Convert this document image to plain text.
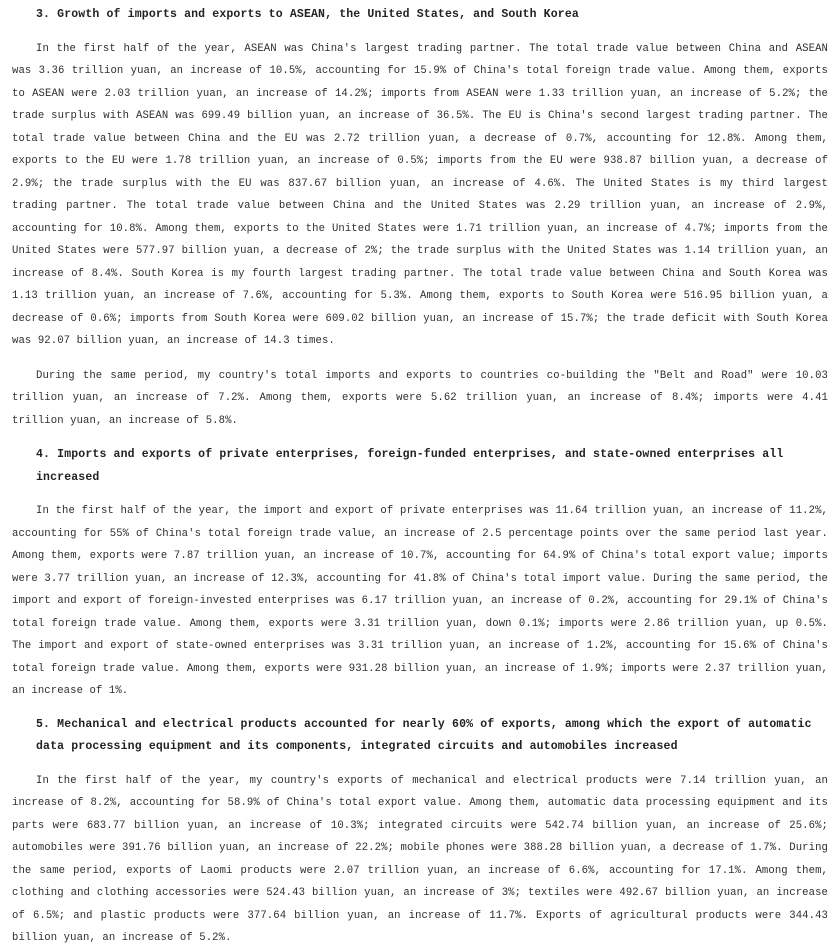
3. Growth of imports and exports to ASEAN, the United States, and South Korea

In the first half of the year, ASEAN was China's largest trading partner. The total trade value between China and ASEAN was 3.36 trillion yuan, an increase of 10.5%, accounting for 15.9% of China's total foreign trade value. Among them, exports to ASEAN were 2.03 trillion yuan, an increase of 14.2%; imports from ASEAN were 1.33 trillion yuan, an increase of 5.2%; the trade surplus with ASEAN was 699.49 billion yuan, an increase of 36.5%. The EU is China's second largest trading partner. The total trade value between China and the EU was 2.72 trillion yuan, a decrease of 0.7%, accounting for 12.8%. Among them, exports to the EU were 1.78 trillion yuan, an increase of 0.5%; imports from the EU were 938.87 billion yuan, a decrease of 2.9%; the trade surplus with the EU was 837.67 billion yuan, an increase of 4.6%. The United States is my third largest trading partner. The total trade value between China and the United States was 2.29 trillion yuan, an increase of 2.9%, accounting for 10.8%. Among them, exports to the United States were 1.71 trillion yuan, an increase of 4.7%; imports from the United States were 577.97 billion yuan, a decrease of 2%; the trade surplus with the United States was 1.14 trillion yuan, an increase of 8.4%. South Korea is my fourth largest trading partner. The total trade value between China and South Korea was 1.13 trillion yuan, an increase of 7.6%, accounting for 5.3%. Among them, exports to South Korea were 516.95 billion yuan, a decrease of 0.6%; imports from South Korea were 609.02 billion yuan, an increase of 15.7%; the trade deficit with South Korea was 92.07 billion yuan, an increase of 14.3 times.

During the same period, my country's total imports and exports to countries co-building the "Belt and Road" were 10.03 trillion yuan, an increase of 7.2%. Among them, exports were 5.62 trillion yuan, an increase of 8.4%; imports were 4.41 trillion yuan, an increase of 5.8%.

4. Imports and exports of private enterprises, foreign-funded enterprises, and state-owned enterprises all increased

In the first half of the year, the import and export of private enterprises was 11.64 trillion yuan, an increase of 11.2%, accounting for 55% of China's total foreign trade value, an increase of 2.5 percentage points over the same period last year. Among them, exports were 7.87 trillion yuan, an increase of 10.7%, accounting for 64.9% of China's total export value; imports were 3.77 trillion yuan, an increase of 12.3%, accounting for 41.8% of China's total import value. During the same period, the import and export of foreign-invested enterprises was 6.17 trillion yuan, an increase of 0.2%, accounting for 29.1% of China's total foreign trade value. Among them, exports were 3.31 trillion yuan, down 0.1%; imports were 2.86 trillion yuan, up 0.5%. The import and export of state-owned enterprises was 3.31 trillion yuan, an increase of 1.2%, accounting for 15.6% of China's total foreign trade value. Among them, exports were 931.28 billion yuan, an increase of 1.9%; imports were 2.37 trillion yuan, an increase of 1%.

5. Mechanical and electrical products accounted for nearly 60% of exports, among which the export of automatic data processing equipment and its components, integrated circuits and automobiles increased

In the first half of the year, my country's exports of mechanical and electrical products were 7.14 trillion yuan, an increase of 8.2%, accounting for 58.9% of China's total export value. Among them, automatic data processing equipment and its parts were 683.77 billion yuan, an increase of 10.3%; integrated circuits were 542.74 billion yuan, an increase of 25.6%; automobiles were 391.76 billion yuan, an increase of 22.2%; mobile phones were 388.28 billion yuan, a decrease of 1.7%. During the same period, exports of Laomi products were 2.07 trillion yuan, an increase of 6.6%, accounting for 17.1%. Among them, clothing and clothing accessories were 524.43 billion yuan, an increase of 3%; textiles were 492.67 billion yuan, an increase of 6.5%; and plastic products were 377.64 billion yuan, an increase of 11.7%. Exports of agricultural products were 344.43 billion yuan, an increase of 5.2%.
